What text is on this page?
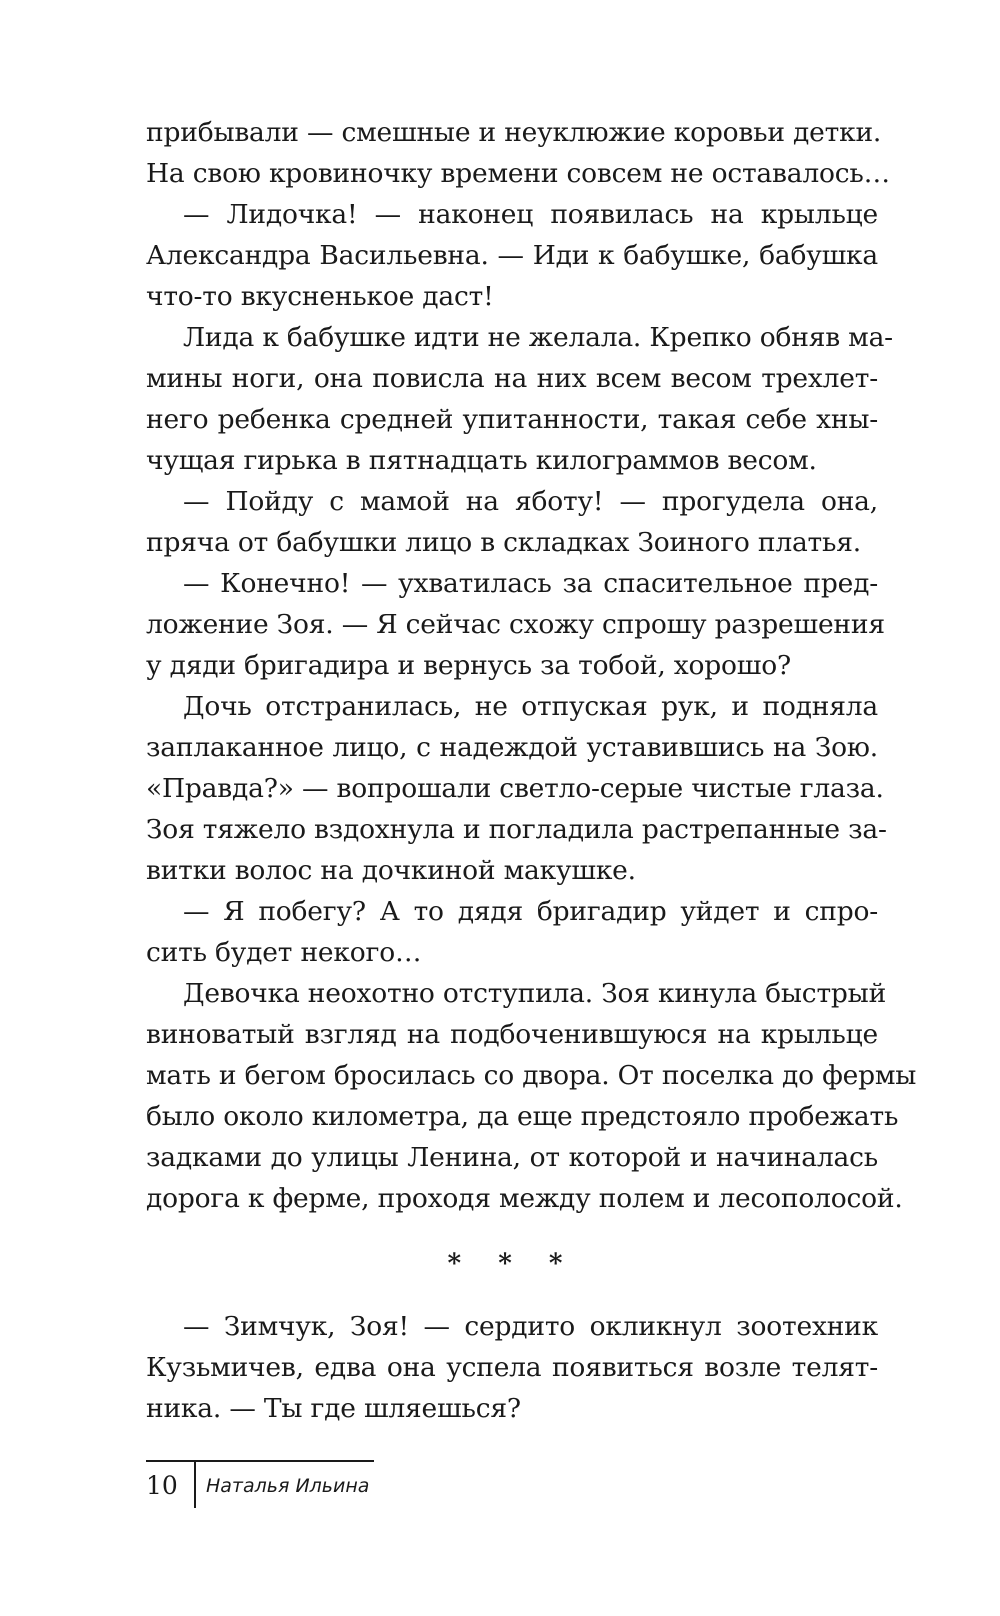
прибывали — смешные и неуклюжие коровьи детки.
На свою кровиночку времени совсем не оставалось…
— Лидочка! — наконец появилась на крыльце
Александра Васильевна. — Иди к бабушке, бабушка
что-то вкусненькое даст!
Лида к бабушке идти не желала. Крепко обняв ма-
мины ноги, она повисла на них всем весом трехлет-
него ребенка средней упитанности, такая себе хны-
чущая гирька в пятнадцать килограммов весом.
— Пойду с мамой на яботу! — прогудела она,
пряча от бабушки лицо в складках Зоиного платья.
— Конечно! — ухватилась за спасительное пред-
ложение Зоя. — Я сейчас схожу спрошу разрешения
у дяди бригадира и вернусь за тобой, хорошо?
Дочь отстранилась, не отпуская рук, и подняла
заплаканное лицо, с надеждой уставившись на Зою.
«Правда?» — вопрошали светло-серые чистые глаза.
Зоя тяжело вздохнула и погладила растрепанные за-
витки волос на дочкиной макушке.
— Я побегу? А то дядя бригадир уйдет и спро-
сить будет некого…
Девочка неохотно отступила. Зоя кинула быстрый
виноватый взгляд на подбоченившуюся на крыльце
мать и бегом бросилась со двора. От поселка до фермы
было около километра, да еще предстояло пробежать
задками до улицы Ленина, от которой и начиналась
дорога к ферме, проходя между полем и лесополосой.
* * *
— Зимчук, Зоя! — сердито окликнул зоотехник
Кузьмичев, едва она успела появиться возле телят-
ника. — Ты где шляешься?
10	Наталья Ильина
